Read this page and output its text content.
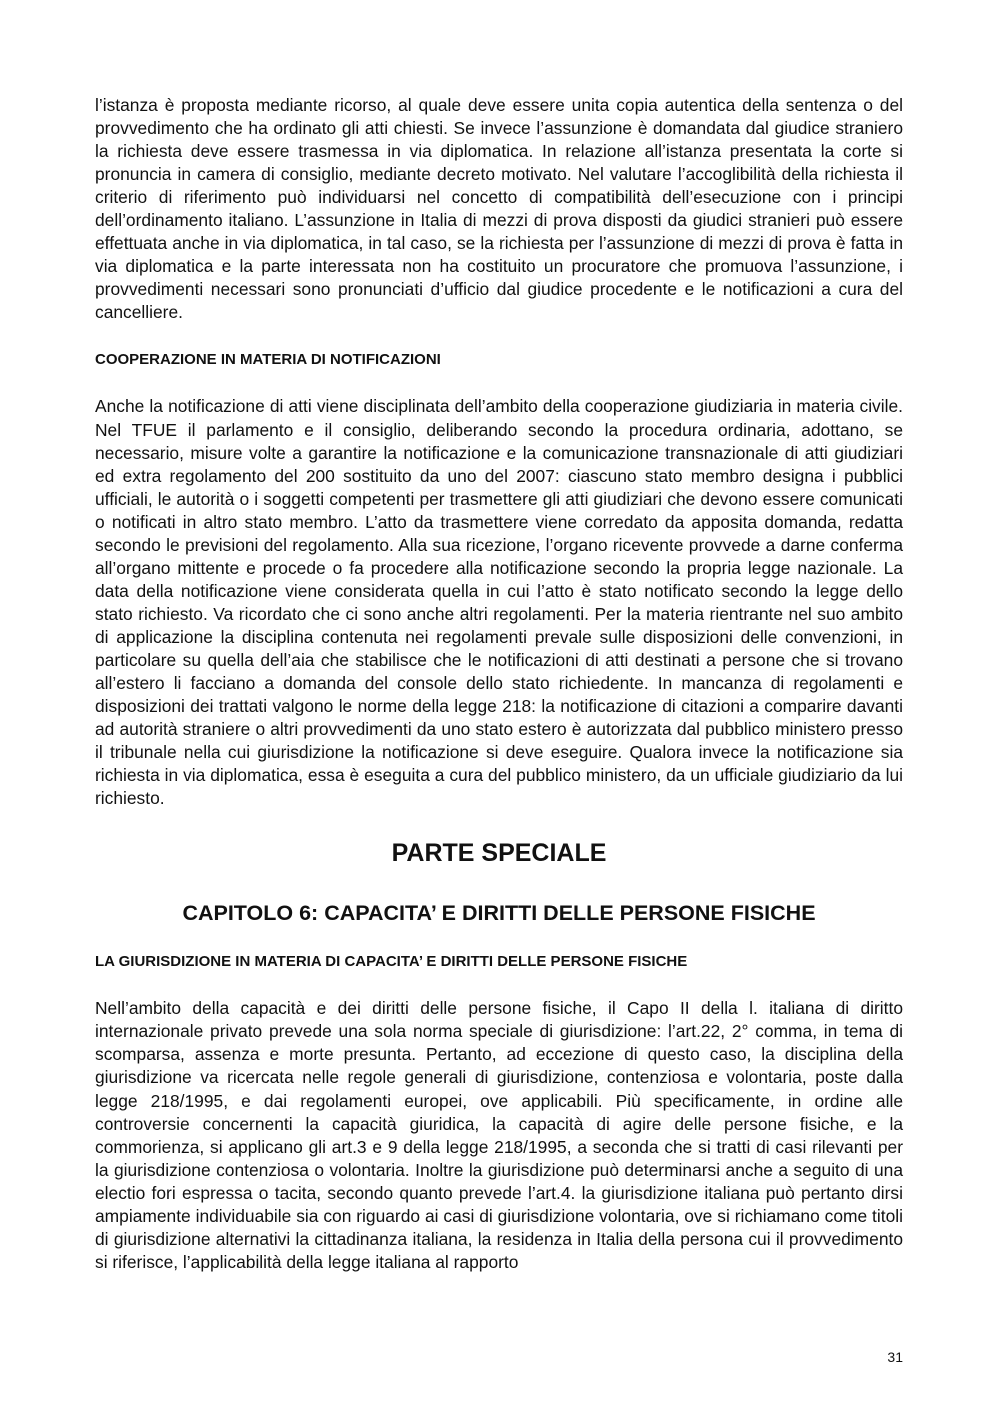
l’istanza è proposta mediante ricorso, al quale deve essere unita copia autentica della sentenza o del provvedimento che ha ordinato gli atti chiesti. Se invece l’assunzione è domandata dal giudice straniero la richiesta deve essere trasmessa in via diplomatica. In relazione all’istanza presentata la corte si pronuncia in camera di consiglio, mediante decreto motivato. Nel valutare l’accoglibilità della richiesta il criterio di riferimento può individuarsi nel concetto di compatibilità dell’esecuzione con i principi dell’ordinamento italiano. L’assunzione in Italia di mezzi di prova disposti da giudici stranieri può essere effettuata anche in via diplomatica, in tal caso, se la richiesta per l’assunzione di mezzi di prova è fatta in via diplomatica e la parte interessata non ha costituito un procuratore che promuova l’assunzione, i provvedimenti necessari sono pronunciati d’ufficio dal giudice procedente e le notificazioni a cura del cancelliere.

COOPERAZIONE IN MATERIA DI NOTIFICAZIONI

Anche la notificazione di atti viene disciplinata dell’ambito della cooperazione giudiziaria in materia civile. Nel TFUE il parlamento e il consiglio, deliberando secondo la procedura ordinaria, adottano, se necessario, misure volte a garantire la notificazione e la comunicazione transnazionale di atti giudiziari ed extra regolamento del 200 sostituito da uno del 2007: ciascuno stato membro designa i pubblici ufficiali, le autorità o i soggetti competenti per trasmettere gli atti giudiziari che devono essere comunicati o notificati in altro stato membro. L’atto da trasmettere viene corredato da apposita domanda, redatta secondo le previsioni del regolamento. Alla sua ricezione, l’organo ricevente provvede a darne conferma all’organo mittente e procede o fa procedere alla notificazione secondo la propria legge nazionale. La data della notificazione viene considerata quella in cui l’atto è stato notificato secondo la legge dello stato richiesto. Va ricordato che ci sono anche altri regolamenti. Per la materia rientrante nel suo ambito di applicazione la disciplina contenuta nei regolamenti prevale sulle disposizioni delle convenzioni, in particolare su quella dell’aia che stabilisce che le notificazioni di atti destinati a persone che si trovano all’estero li facciano a domanda del console dello stato richiedente. In mancanza di regolamenti e disposizioni dei trattati valgono le norme della legge 218: la notificazione di citazioni a comparire davanti ad autorità straniere o altri provvedimenti da uno stato estero è autorizzata dal pubblico ministero presso il tribunale nella cui giurisdizione la notificazione si deve eseguire. Qualora invece la notificazione sia richiesta in via diplomatica, essa è eseguita a cura del pubblico ministero, da un ufficiale giudiziario da lui richiesto.

PARTE SPECIALE
CAPITOLO 6: CAPACITA’ E DIRITTI DELLE PERSONE FISICHE
LA GIURISDIZIONE IN MATERIA DI CAPACITA’ E DIRITTI DELLE PERSONE FISICHE

Nell’ambito della capacità e dei diritti delle persone fisiche, il Capo II della l. italiana di diritto internazionale privato prevede una sola norma speciale di giurisdizione: l’art.22, 2° comma, in tema di scomparsa, assenza e morte presunta. Pertanto, ad eccezione di questo caso, la disciplina della giurisdizione va ricercata nelle regole generali di giurisdizione, contenziosa e volontaria, poste dalla legge 218/1995, e dai regolamenti europei, ove applicabili. Più specificamente, in ordine alle controversie concernenti la capacità giuridica, la capacità di agire delle persone fisiche, e la commorienza, si applicano gli art.3 e 9 della legge 218/1995, a seconda che si tratti di casi rilevanti per la giurisdizione contenziosa o volontaria. Inoltre la giurisdizione può determinarsi anche a seguito di una electio fori espressa o tacita, secondo quanto prevede l’art.4. la giurisdizione italiana può pertanto dirsi ampiamente individuabile sia con riguardo ai casi di giurisdizione volontaria, ove si richiamano come titoli di giurisdizione alternativi la cittadinanza italiana, la residenza in Italia della persona cui il provvedimento si riferisce, l’applicabilità della legge italiana al rapporto

31
